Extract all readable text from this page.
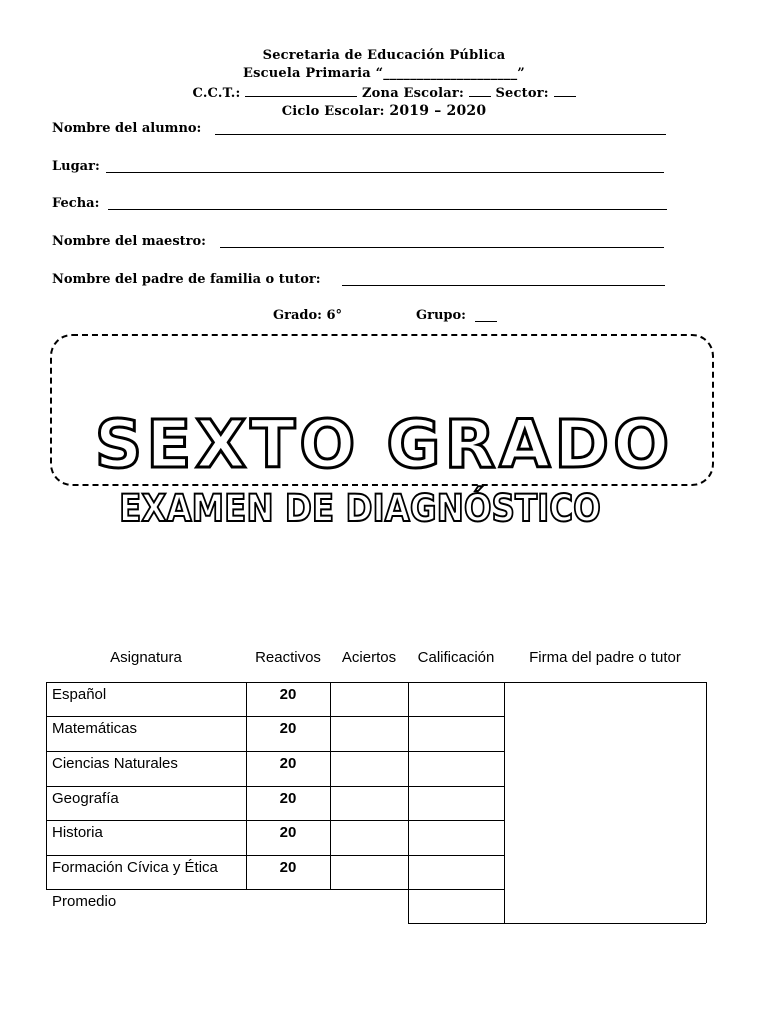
Secretaria de Educación Pública
Escuela Primaria “____________________”
C.C.T.:	Zona Escolar: Sector:
Ciclo Escolar: 2019 – 2020
Nombre del alumno:
Lugar:
Fecha:
Nombre del maestro:
Nombre del padre de familia o tutor:
Grado: 6°	Grupo:
SEXTO GRADO
EXAMEN DE DIAGNÓSTICO
Asignatura	Reactivos	Aciertos	Calificación	Firma del padre o tutor
Español	20
Matemáticas	20
Ciencias Naturales	20
Geografía	20
Historia	20
Formación Cívica y Ética	20
Promedio
